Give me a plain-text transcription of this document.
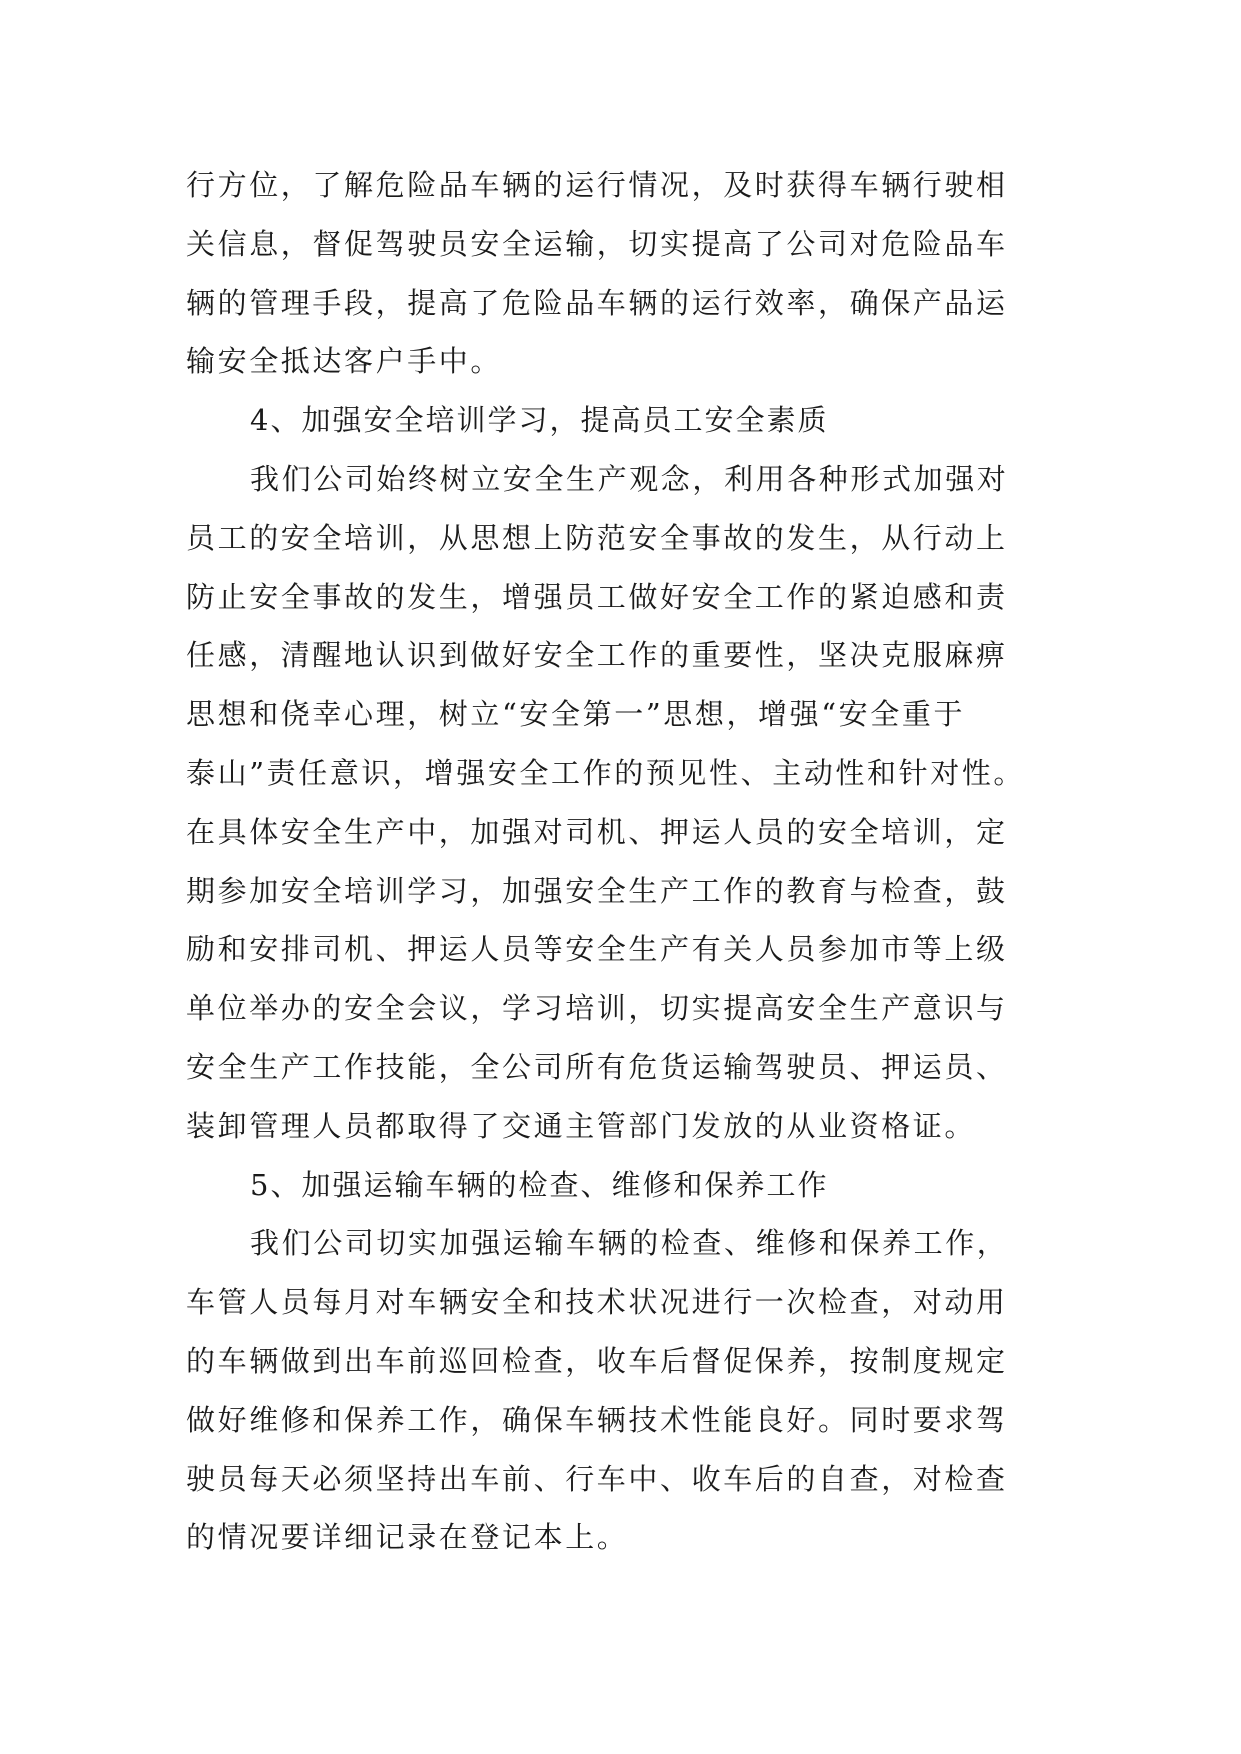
行方位，了解危险品车辆的运行情况，及时获得车辆行驶相
关信息，督促驾驶员安全运输，切实提高了公司对危险品车
辆的管理手段，提高了危险品车辆的运行效率，确保产品运
输安全抵达客户手中。
4、加强安全培训学习，提高员工安全素质
我们公司始终树立安全生产观念，利用各种形式加强对
员工的安全培训，从思想上防范安全事故的发生，从行动上
防止安全事故的发生，增强员工做好安全工作的紧迫感和责
任感，清醒地认识到做好安全工作的重要性，坚决克服麻痹
思想和侥幸心理，树立“安全第一”思想，增强“安全重于
泰山”责任意识，增强安全工作的预见性、主动性和针对性。
在具体安全生产中，加强对司机、押运人员的安全培训，定
期参加安全培训学习，加强安全生产工作的教育与检查，鼓
励和安排司机、押运人员等安全生产有关人员参加市等上级
单位举办的安全会议，学习培训，切实提高安全生产意识与
安全生产工作技能，全公司所有危货运输驾驶员、押运员、
装卸管理人员都取得了交通主管部门发放的从业资格证。
5、加强运输车辆的检查、维修和保养工作
我们公司切实加强运输车辆的检查、维修和保养工作，
车管人员每月对车辆安全和技术状况进行一次检查，对动用
的车辆做到出车前巡回检查，收车后督促保养，按制度规定
做好维修和保养工作，确保车辆技术性能良好。同时要求驾
驶员每天必须坚持出车前、行车中、收车后的自查，对检查
的情况要详细记录在登记本上。
